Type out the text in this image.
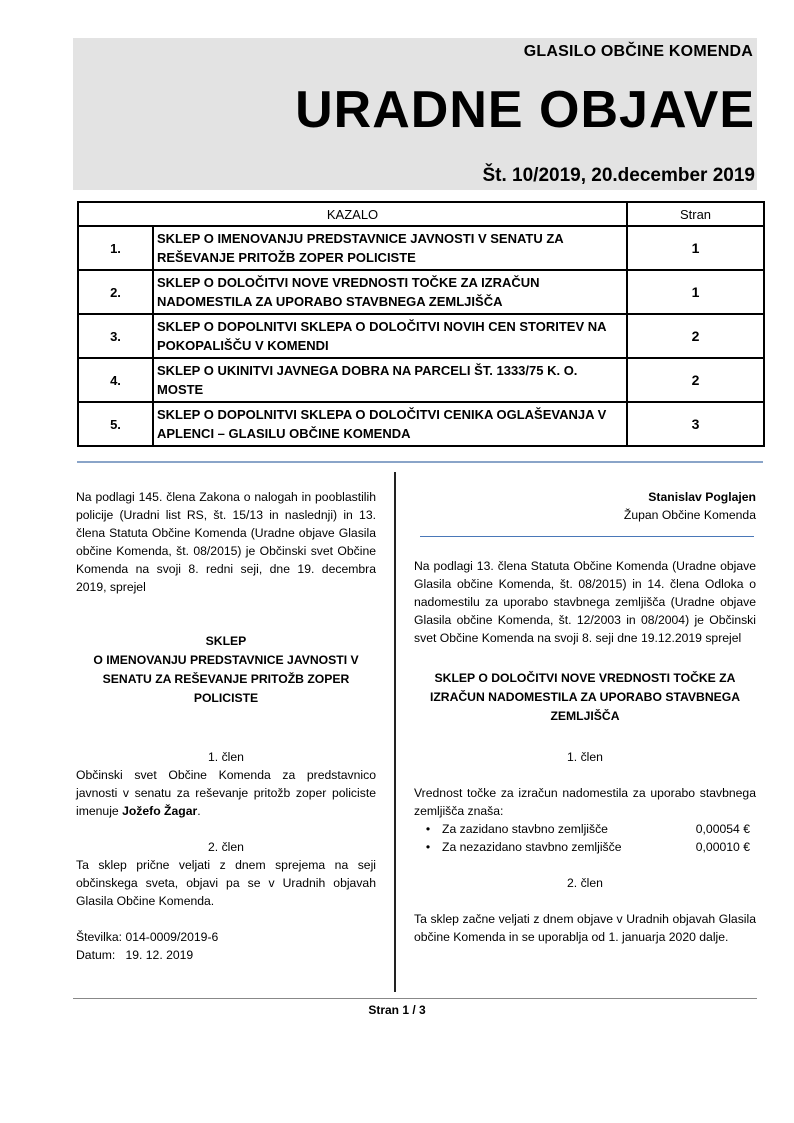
GLASILO OBČINE KOMENDA
URADNE OBJAVE
Št. 10/2019, 20.december 2019
KAZALO		Stran
1.	SKLEP O IMENOVANJU PREDSTAVNICE JAVNOSTI V SENATU ZA REŠEVANJE PRITOŽB ZOPER POLICISTE	1
2.	SKLEP O DOLOČITVI NOVE VREDNOSTI TOČKE ZA IZRAČUN NADOMESTILA ZA UPORABO STAVBNEGA ZEMLJIŠČA	1
3.	SKLEP O DOPOLNITVI SKLEPA O DOLOČITVI NOVIH CEN STORITEV NA POKOPALIŠČU V KOMENDI	2
4.	SKLEP O UKINITVI JAVNEGA DOBRA NA PARCELI ŠT. 1333/75 K. O. MOSTE	2
5.	SKLEP O DOPOLNITVI SKLEPA O DOLOČITVI CENIKA OGLAŠEVANJA V APLENCI – GLASILU OBČINE KOMENDA	3

Na podlagi 145. člena Zakona o nalogah in pooblastilih policije (Uradni list RS, št. 15/13 in naslednji) in 13. člena Statuta Občine Komenda (Uradne objave Glasila občine Komenda, št. 08/2015) je Občinski svet Občine Komenda na svoji 8. redni seji, dne 19. decembra 2019, sprejel

SKLEP

O IMENOVANJU PREDSTAVNICE JAVNOSTI V SENATU ZA REŠEVANJE PRITOŽB ZOPER POLICISTE

1. člen

Občinski svet Občine Komenda za predstavnico javnosti v senatu za reševanje pritožb zoper policiste imenuje Jožefo Žagar.

2. člen

Ta sklep prične veljati z dnem sprejema na seji občinskega sveta, objavi pa se v Uradnih objavah Glasila Občine Komenda.

Številka: 014-0009/2019-6

Datum:   19. 12. 2019

Stanislav Poglajen

Župan Občine Komenda

Na podlagi 13. člena Statuta Občine Komenda (Uradne objave Glasila občine Komenda, št. 08/2015) in 14. člena Odloka o nadomestilu za uporabo stavbnega zemljišča (Uradne objave Glasila občine Komenda, št. 12/2003 in 08/2004) je Občinski svet Občine Komenda na svoji 8. seji dne 19.12.2019 sprejel

SKLEP O DOLOČITVI NOVE VREDNOSTI TOČKE ZA IZRAČUN NADOMESTILA ZA UPORABO STAVBNEGA ZEMLJIŠČA

1. člen

Vrednost točke za izračun nadomestila za uporabo stavbnega zemljišča znaša:

• Za zazidano stavbno zemljišče	0,00054 €
• Za nezazidano stavbno zemljišče	0,00010 €

2. člen

Ta sklep začne veljati z dnem objave v Uradnih objavah Glasila občine Komenda in se uporablja od 1. januarja 2020 dalje.

Stran 1 / 3
